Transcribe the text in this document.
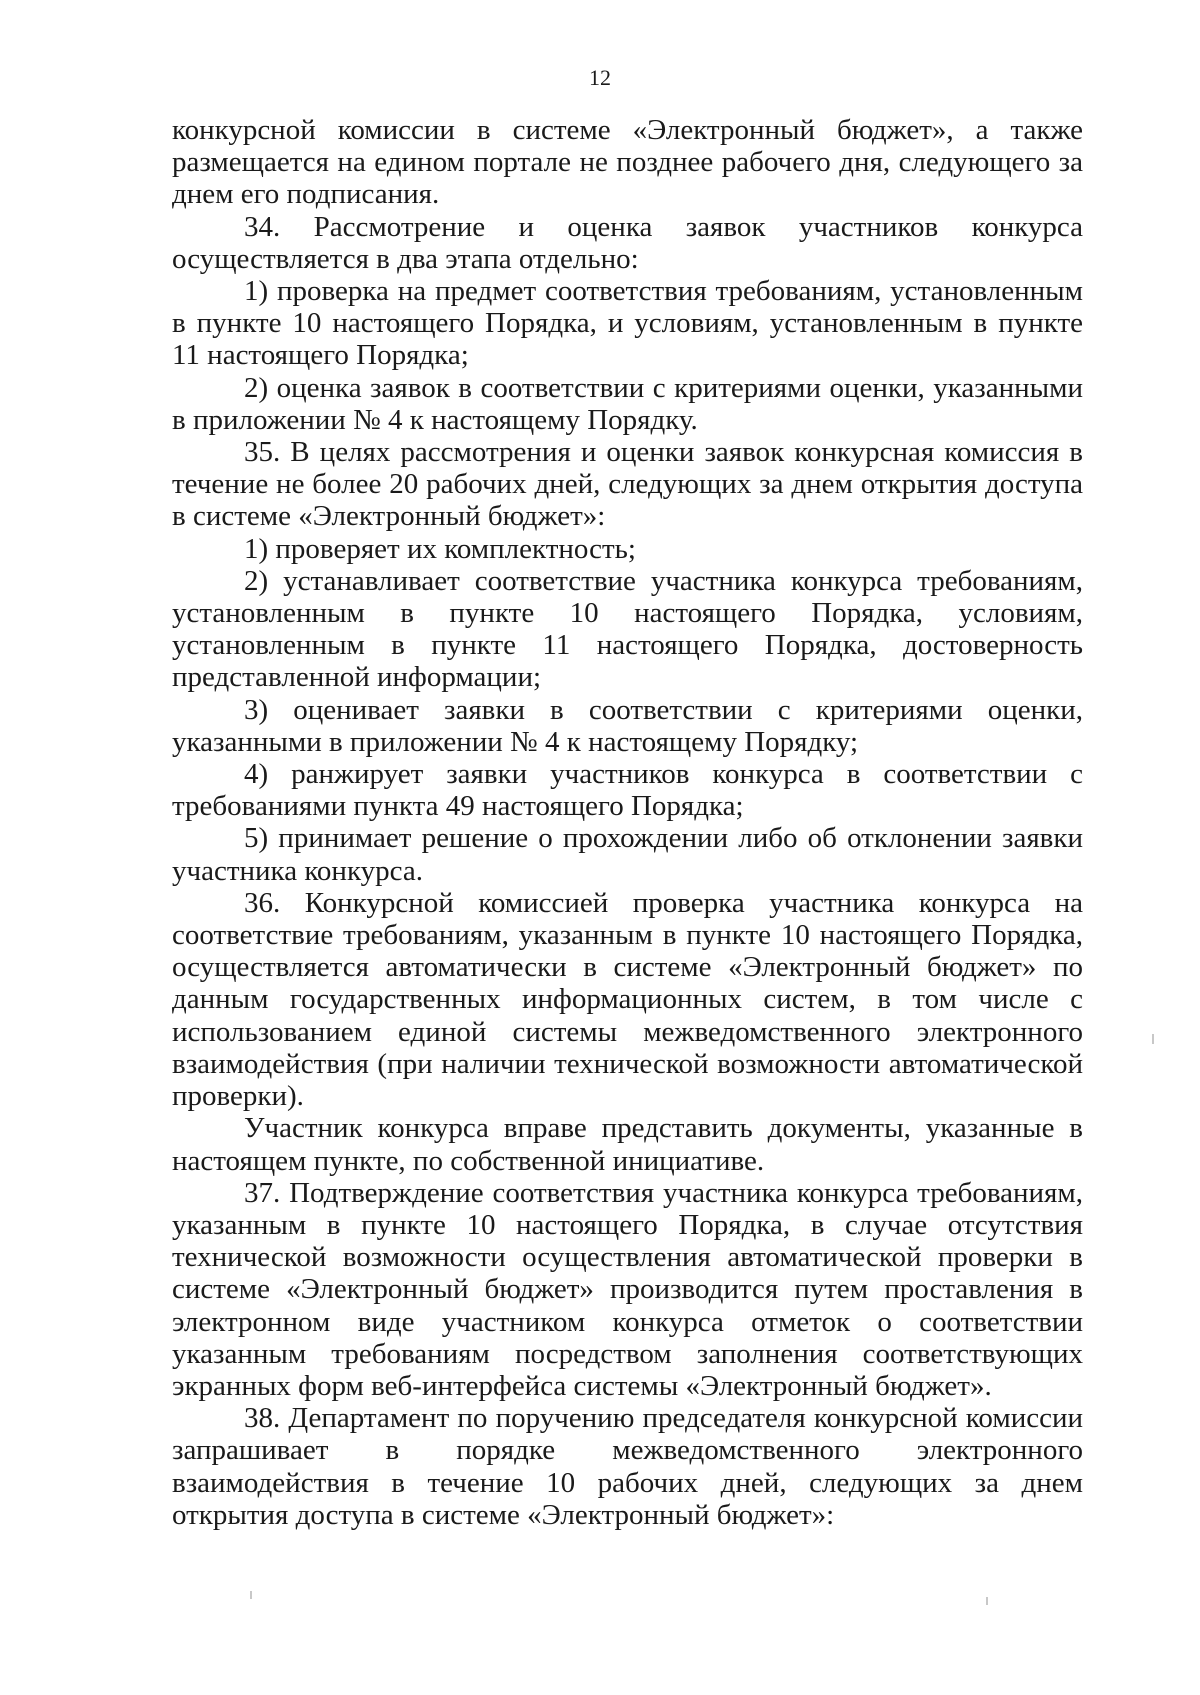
12

конкурсной комиссии в системе «Электронный бюджет», а также размещается на едином портале не позднее рабочего дня, следующего за днем его подписания.

34. Рассмотрение и оценка заявок участников конкурса осуществляется в два этапа отдельно:

1) проверка на предмет соответствия требованиям, установленным в пункте 10 настоящего Порядка, и условиям, установленным в пункте 11 настоящего Порядка;

2) оценка заявок в соответствии с критериями оценки, указанными в приложении № 4 к настоящему Порядку.

35. В целях рассмотрения и оценки заявок конкурсная комиссия в течение не более 20 рабочих дней, следующих за днем открытия доступа в системе «Электронный бюджет»:

1) проверяет их комплектность;

2) устанавливает соответствие участника конкурса требованиям, установленным в пункте 10 настоящего Порядка, условиям, установленным в пункте 11 настоящего Порядка, достоверность представленной информации;

3) оценивает заявки в соответствии с критериями оценки, указанными в приложении № 4 к настоящему Порядку;

4) ранжирует заявки участников конкурса в соответствии с требованиями пункта 49 настоящего Порядка;

5) принимает решение о прохождении либо об отклонении заявки участника конкурса.

36. Конкурсной комиссией проверка участника конкурса на соответствие требованиям, указанным в пункте 10 настоящего Порядка, осуществляется автоматически в системе «Электронный бюджет» по данным государственных информационных систем, в том числе с использованием единой системы межведомственного электронного взаимодействия (при наличии технической возможности автоматической проверки).

Участник конкурса вправе представить документы, указанные в настоящем пункте, по собственной инициативе.

37. Подтверждение соответствия участника конкурса требованиям, указанным в пункте 10 настоящего Порядка, в случае отсутствия технической возможности осуществления автоматической проверки в системе «Электронный бюджет» производится путем проставления в электронном виде участником конкурса отметок о соответствии указанным требованиям посредством заполнения соответствующих экранных форм веб-интерфейса системы «Электронный бюджет».

38. Департамент по поручению председателя конкурсной комиссии запрашивает в порядке межведомственного электронного взаимодействия в течение 10 рабочих дней, следующих за днем открытия доступа в системе «Электронный бюджет»:
